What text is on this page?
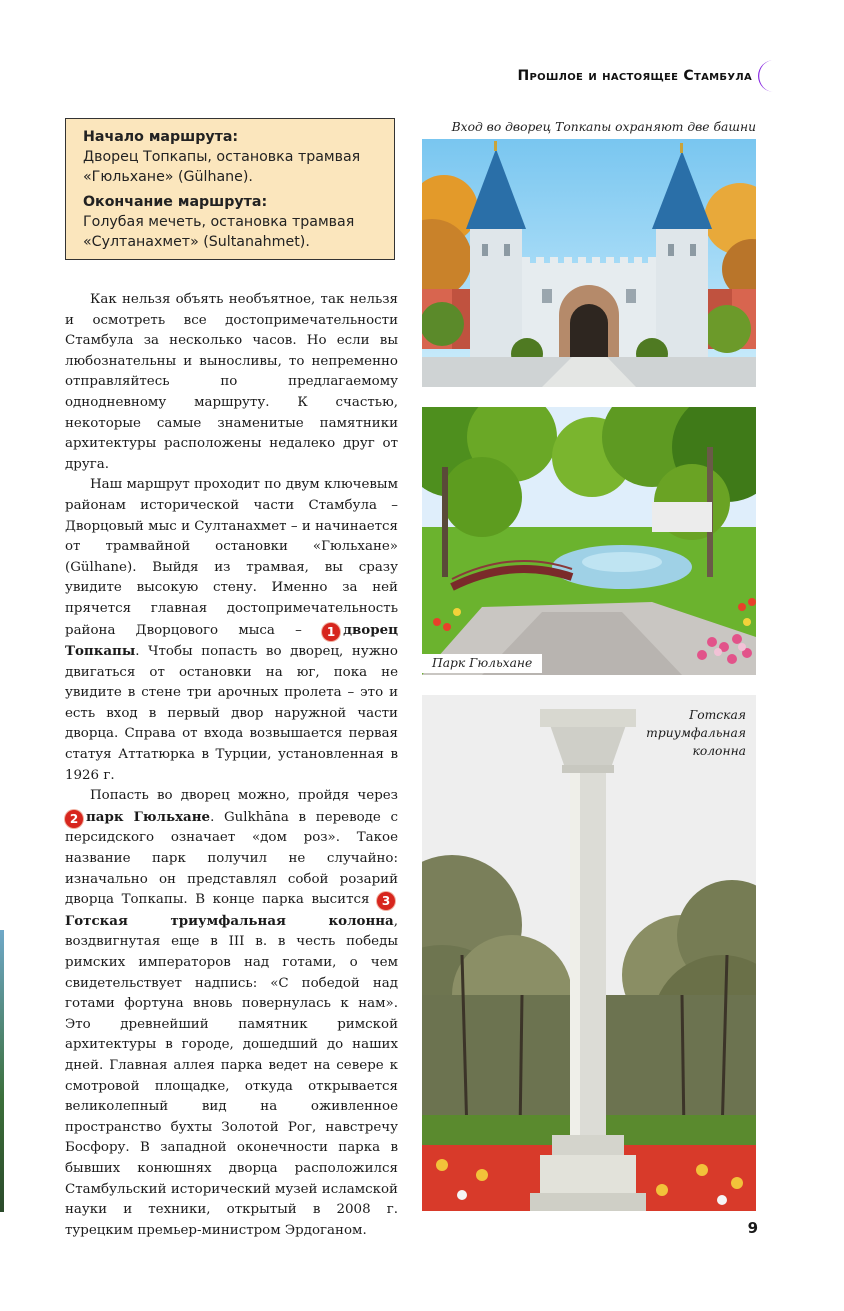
Прошлое и настоящее Стамбула
Начало маршрута:
Дворец Топкапы, остановка трамвая «Гюльхане» (Gülhane).
Окончание маршрута:
Голубая мечеть, остановка трамвая «Султанахмет» (Sultanahmet).

Как нельзя объять необъятное, так нельзя и осмотреть все достопримечательности Стамбула за несколько часов. Но если вы любознательны и выносливы, то непременно отправляйтесь по предлагаемому однодневному маршруту. К счастью, некоторые самые знаменитые памятники архитектуры расположены недалеко друг от друга.

Наш маршрут проходит по двум ключевым районам исторической части Стамбула – Дворцовый мыс и Султанахмет – и начинается от трамвайной остановки «Гюльхане» (Gülhane). Выйдя из трамвая, вы сразу увидите высокую стену. Именно за ней прячется главная достопримечательность района Дворцового мыса – 1 дворец Топкапы. Чтобы попасть во дворец, нужно двигаться от остановки на юг, пока не увидите в стене три арочных пролета – это и есть вход в первый двор наружной части дворца. Справа от входа возвышается первая статуя Аттатюрка в Турции, установленная в 1926 г.

Попасть во дворец можно, пройдя через 2 парк Гюльхане. Gulkhāna в переводе с персидского означает «дом роз». Такое название парк получил не случайно: изначально он представлял собой розарий дворца Топкапы. В конце парка высится 3Готская триумфальная колонна, воздвигнутая еще в III в. в честь победы римских императоров над готами, о чем свидетельствует надпись: «С победой над готами фортуна вновь повернулась к нам». Это древнейший памятник римской архитектуры в городе, дошедший до наших дней. Главная аллея парка ведет на севере к смотровой площадке, откуда открывается великолепный вид на оживленное пространство бухты Золотой Рог, навстречу Босфору. В западной оконечности парка в бывших конюшнях дворца расположился Стамбульский исторический музей исламской науки и техники, открытый в 2008 г. турецким премьер-министром Эрдоганом.

Вход во дворец Топкапы охраняют две башни
Парк Гюльхане
Готская триумфальная колонна
9
